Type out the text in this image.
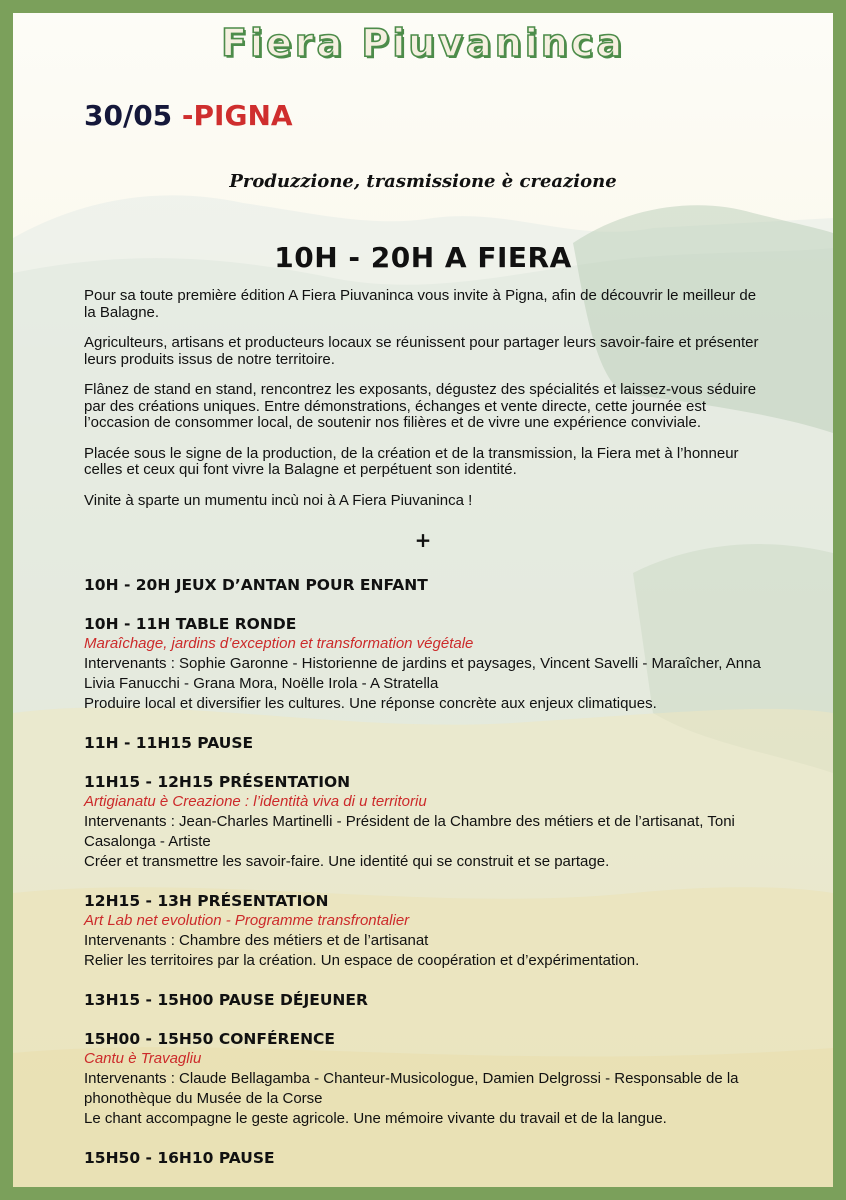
Fiera Piuvaninca
30/05 -PIGNA
Produzzione, trasmissione è creazione
10H - 20H A FIERA

Pour sa toute première édition A Fiera Piuvaninca vous invite à Pigna, afin de découvrir le meilleur de la Balagne.

Agriculteurs, artisans et producteurs locaux se réunissent pour partager leurs savoir-faire et présenter leurs produits issus de notre territoire.

Flânez de stand en stand, rencontrez les exposants, dégustez des spécialités et laissez-vous séduire par des créations uniques. Entre démonstrations, échanges et vente directe, cette journée est l’occasion de consommer local, de soutenir nos filières et de vivre une expérience conviviale.

Placée sous le signe de la production, de la création et de la transmission, la Fiera met à l’honneur celles et ceux qui font vivre la Balagne et perpétuent son identité.

Vinite à sparte un mumentu incù noi à A Fiera Piuvaninca !

+
10H - 20H JEUX D’ANTAN POUR ENFANT
10H - 11H TABLE RONDE
Maraîchage, jardins d’exception et transformation végétale
Intervenants : Sophie Garonne - Historienne de jardins et paysages, Vincent Savelli - Maraîcher, Anna Livia Fanucchi - Grana Mora, Noëlle Irola - A Stratella
Produire local et diversifier les cultures. Une réponse concrète aux enjeux climatiques.
11H - 11H15 PAUSE
11H15 - 12H15 PRÉSENTATION
Artigianatu è Creazione : l’identità viva di u territoriu
Intervenants : Jean-Charles Martinelli - Président de la Chambre des métiers et de l’artisanat, Toni Casalonga - Artiste
Créer et transmettre les savoir-faire. Une identité qui se construit et se partage.
12H15 - 13H PRÉSENTATION
Art Lab net evolution - Programme transfrontalier
Intervenants : Chambre des métiers et de l’artisanat
Relier les territoires par la création. Un espace de coopération et d’expérimentation.
13H15 - 15H00 PAUSE DÉJEUNER
15H00 - 15H50 CONFÉRENCE
Cantu è Travagliu
Intervenants : Claude Bellagamba - Chanteur-Musicologue, Damien Delgrossi - Responsable de la phonothèque du Musée de la Corse
Le chant accompagne le geste agricole. Une mémoire vivante du travail et de la langue.
15H50 - 16H10 PAUSE
